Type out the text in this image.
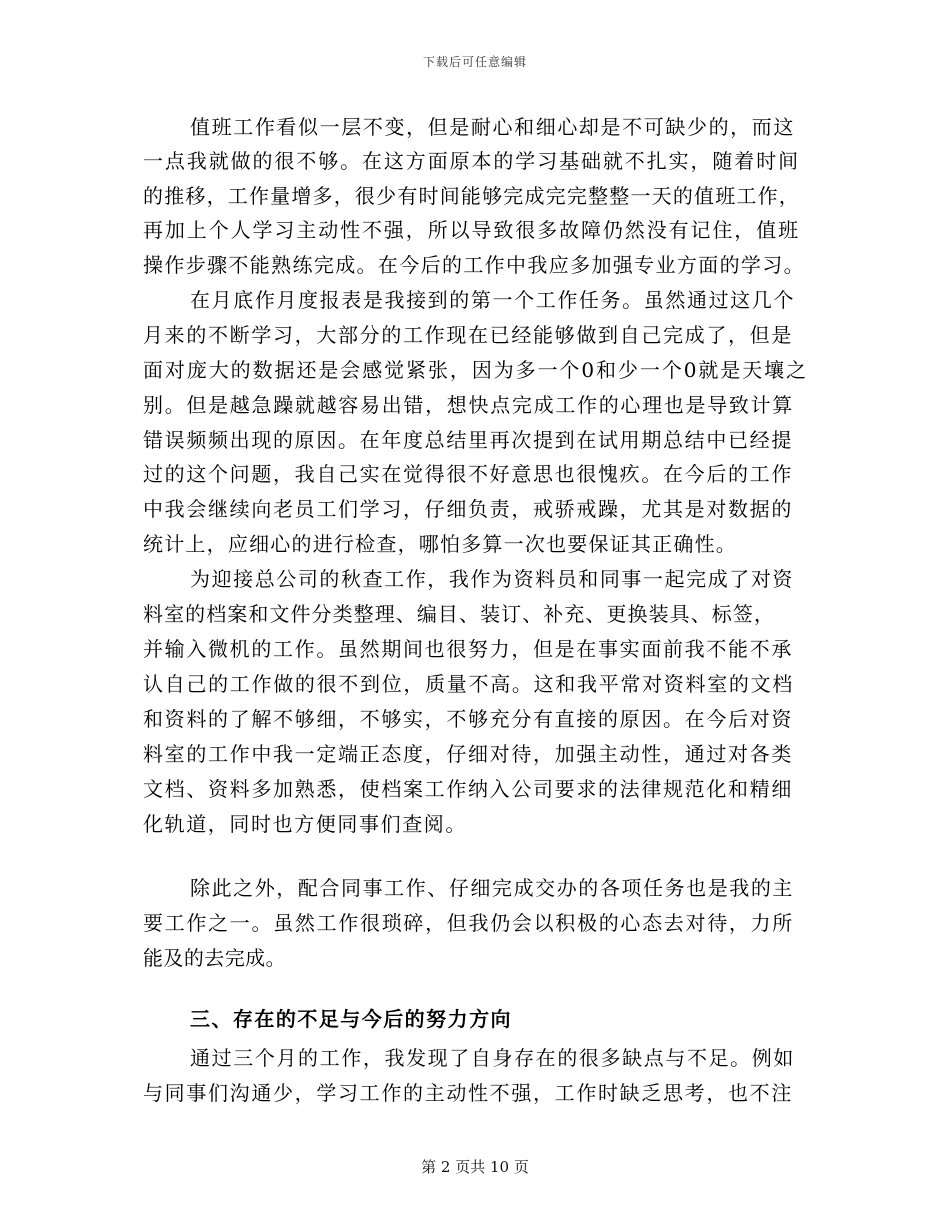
下载后可任意编辑
值班工作看似一层不变，但是耐心和细心却是不可缺少的，而这
一点我就做的很不够。在这方面原本的学习基础就不扎实，随着时间
的推移，工作量增多，很少有时间能够完成完完整整一天的值班工作，
再加上个人学习主动性不强，所以导致很多故障仍然没有记住，值班
操作步骤不能熟练完成。在今后的工作中我应多加强专业方面的学习。
在月底作月度报表是我接到的第一个工作任务。虽然通过这几个
月来的不断学习，大部分的工作现在已经能够做到自己完成了，但是
面对庞大的数据还是会感觉紧张，因为多一个0和少一个0就是天壤之
别。但是越急躁就越容易出错，想快点完成工作的心理也是导致计算
错误频频出现的原因。在年度总结里再次提到在试用期总结中已经提
过的这个问题，我自己实在觉得很不好意思也很愧疚。在今后的工作
中我会继续向老员工们学习，仔细负责，戒骄戒躁，尤其是对数据的
统计上，应细心的进行检查，哪怕多算一次也要保证其正确性。
为迎接总公司的秋查工作，我作为资料员和同事一起完成了对资
料室的档案和文件分类整理、编目、装订、补充、更换装具、标签，
并输入微机的工作。虽然期间也很努力，但是在事实面前我不能不承
认自己的工作做的很不到位，质量不高。这和我平常对资料室的文档
和资料的了解不够细，不够实，不够充分有直接的原因。在今后对资
料室的工作中我一定端正态度，仔细对待，加强主动性，通过对各类
文档、资料多加熟悉，使档案工作纳入公司要求的法律规范化和精细
化轨道，同时也方便同事们查阅。
除此之外，配合同事工作、仔细完成交办的各项任务也是我的主
要工作之一。虽然工作很琐碎，但我仍会以积极的心态去对待，力所
能及的去完成。
三、存在的不足与今后的努力方向
通过三个月的工作，我发现了自身存在的很多缺点与不足。例如
与同事们沟通少，学习工作的主动性不强，工作时缺乏思考，也不注
第 2 页共 10 页
